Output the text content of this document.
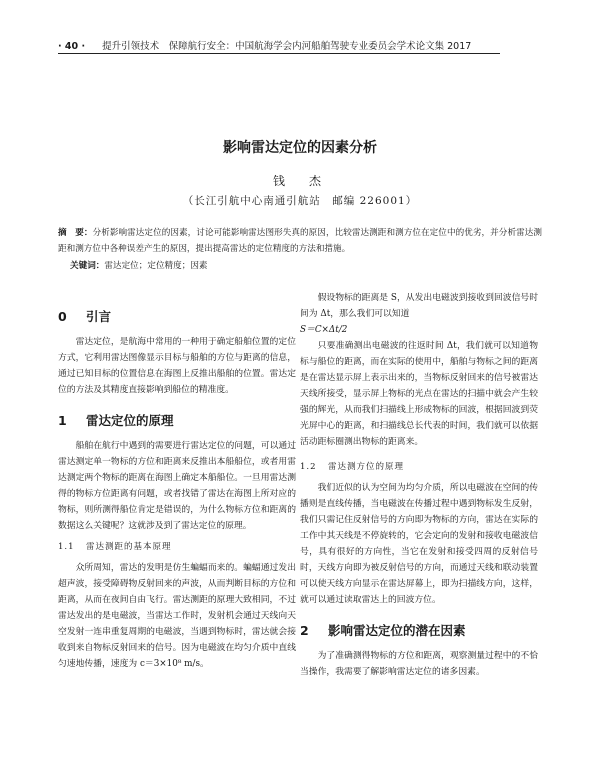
· 40 · 提升引领技术　保障航行安全：中国航海学会内河船舶驾驶专业委员会学术论文集 2017
影响雷达定位的因素分析
钱　杰
（长江引航中心南通引航站　邮编 226001）
摘　要：分析影响雷达定位的因素，讨论可能影响雷达图形失真的原因，比较雷达测距和测方位在定位中的优劣，并分析雷达测距和测方位中各种误差产生的原因，提出提高雷达的定位精度的方法和措施。
关键词：雷达定位；定位精度；因素
0 引言

雷达定位，是航海中常用的一种用于确定船舶位置的定位方式，它利用雷达图像显示目标与船舶的方位与距离的信息，通过已知目标的位置信息在海图上反推出船舶的位置。雷达定位的方法及其精度直接影响到船位的精准度。

1 雷达定位的原理

船舶在航行中遇到的需要进行雷达定位的问题，可以通过雷达测定单一物标的方位和距离来反推出本船船位，或者用雷达测定两个物标的距离在海图上确定本船船位。一旦用雷达测得的物标方位距离有问题，或者找错了雷达在海图上所对应的物标，则所测得船位肯定是错误的，为什么物标方位和距离的数据这么关键呢？这就涉及到了雷达定位的原理。

1.1 雷达测距的基本原理

众所周知，雷达的发明是仿生蝙蝠而来的。蝙蝠通过发出超声波，接受障碍物反射回来的声波，从而判断目标的方位和距离，从而在夜间自由飞行。雷达测距的原理大致相同，不过雷达发出的是电磁波，当雷达工作时，发射机会通过天线向天空发射一连串重复周期的电磁波，当遇到物标时，雷达就会接收到来自物标反射回来的信号。因为电磁波在均匀介质中直线匀速地传播，速度为 c＝3×10⁸ m/s。

假设物标的距离是 S，从发出电磁波到接收到回波信号时间为 Δt，那么我们可以知道

S＝C×Δt/2

只要准确测出电磁波的往返时间 Δt，我们就可以知道物标与船位的距离，而在实际的使用中，船舶与物标之间的距离是在雷达显示屏上表示出来的，当物标反射回来的信号被雷达天线所接受，显示屏上物标的光点在雷达的扫描中就会产生较强的辉光，从而我们扫描线上形成物标的回波，根据回波到荧光屏中心的距离，和扫描线总长代表的时间，我们就可以依据活动距标圈测出物标的距离来。

1.2 雷达测方位的原理

我们近似的认为空间为均匀介质，所以电磁波在空间的传播则是直线传播，当电磁波在传播过程中遇到物标发生反射，我们只需记住反射信号的方向即为物标的方向，雷达在实际的工作中其天线是不停旋转的，它会定向的发射和接收电磁波信号，具有很好的方向性，当它在发射和接受四周的反射信号时，天线方向即为被反射信号的方向，而通过天线和联动装置可以使天线方向显示在雷达屏幕上，即为扫描线方向，这样，就可以通过读取雷达上的回波方位。

2 影响雷达定位的潜在因素

为了准确测得物标的方位和距离，观察测量过程中的不恰当操作，我需要了解影响雷达定位的诸多因素。
